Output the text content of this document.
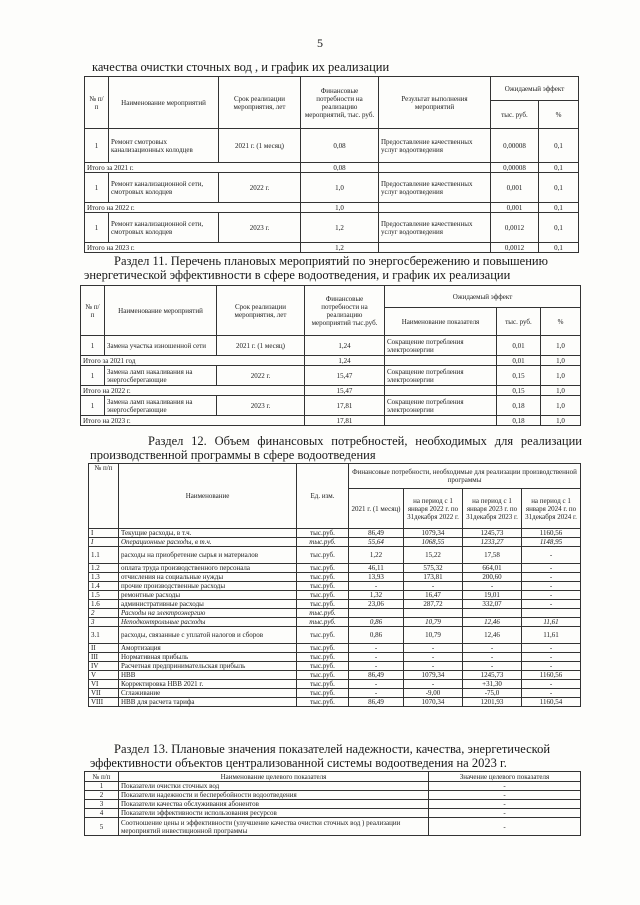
5
качества очистки сточных вод , и график их реализации
№ п/ п	Наименование мероприятий	Срок реализации мероприятия, лет	Финансовые потребности на реализацию мероприятий, тыс. руб.	Результат выполнения мероприятий	Ожидаемый эффект	
					тыс. руб.	%
1	Ремонт смотровых канализационных колодцев	2021 г. (1 месяц)	0,08	Предоставление качественных услуг водоотведения	0,00008	0,1
Итого за 2021 г.			0,08		0,00008	0,1
1	Ремонт канализационной сети, смотровых колодцев	2022 г.	1,0	Предоставление качественных услуг водоотведения	0,001	0,1
Итого на 2022 г.			1,0		0,001	0,1
1	Ремонт канализационной сети, смотровых колодцев	2023 г.	1,2	Предоставление качественных услуг водоотведения	0,0012	0,1
Итого на 2023 г.			1,2		0,0012	0,1
Раздел 11. Перечень плановых мероприятий по энергосбережению и повышению энергетической эффективности в сфере водоотведения, и график их реализации
№ п/ п	Наименование мероприятий	Срок реализации мероприятия, лет	Финансовые потребности на реализацию мероприятий тыс.руб.	Ожидаемый эффект		
				Наименование показателя	тыс. руб.	%
1	Замена участка изношенной сети	2021 г. (1 месяц)	1,24	Сокращение потребления электроэнергии	0,01	1,0
Итого за 2021 год			1,24		0,01	1,0
1	Замена ламп накаливания на энергосберегающие	2022 г.	15,47	Сокращение потребления электроэнергии	0,15	1,0
Итого на 2022 г.			15,47		0,15	1,0
1	Замена ламп накаливания на энергосберегающие	2023 г.	17,81	Сокращение потребления электроэнергии	0,18	1,0
Итого на 2023 г.			17,81		0,18	1,0
Раздел 12. Объем финансовых потребностей, необходимых для реализации производственной программы в сфере водоотведения
№ п/п	Наименование	Ед. изм.	Финансовые потребности, необходимые для реализации производственной программы			
			2021 г. (1 месяц)	на период с 1 января 2022 г. по 31декабря 2022 г.	на период с 1 января 2023 г. по 31декабря 2023 г.	на период с 1 января 2024 г. по 31декабря 2024 г.
I	Текущие расходы, в т.ч.	тыс.руб.	86,49	1079,34	1245,73	1160,56
I	Операционные расходы, в т.ч.	тыс.руб.	55,64	1068,55	1233,27	1148,95
1.1	расходы на приобретение сырья и материалов	тыс.руб.	1,22	15,22	17,58	-
1.2	оплата труда производственного персонала	тыс.руб.	46,11	575,32	664,01	-
1.3	отчисления на социальные нужды	тыс.руб.	13,93	173,81	200,60	-
1.4	прочие производственные расходы	тыс.руб.	-	-	-	-
1.5	ремонтные расходы	тыс.руб.	1,32	16,47	19,01	-
1.6	административные расходы	тыс.руб.	23,06	287,72	332,07	-
2	Расходы на электроэнергию	тыс.руб.				
3	Неподконтрольные расходы	тыс.руб.	0,86	10,79	12,46	11,61
3.1	расходы, связанные с уплатой налогов и сборов	тыс.руб.	0,86	10,79	12,46	11,61
II	Амортизация	тыс.руб.	-	-	-	-
III	Нормативная прибыль	тыс.руб.	-	-	-	-
IV	Расчетная предпринимательская прибыль	тыс.руб.	-	-	-	-
V	НВВ	тыс.руб.	86,49	1079,34	1245,73	1160,56
VI	Корректировка НВВ 2021 г.	тыс.руб.	-	-	+31,30	-
VII	Сглаживание	тыс.руб.	-	-9,00	-75,0	-
VIII	НВВ для расчета тарифа	тыс.руб.	86,49	1070,34	1201,93	1160,54
Раздел 13. Плановые значения показателей надежности, качества, энергетической эффективности объектов централизованной системы водоотведения на 2023 г.
№ п/п	Наименование целевого показателя	Значение целевого показателя
1	Показатели очистки сточных вод	-
2	Показатели надежности и бесперебойности водоотведения	-
3	Показатели качества обслуживания абонентов	-
4	Показатели эффективности использования ресурсов	-
5	Соотношение цены и эффективности (улучшение качества очистки сточных вод ) реализации мероприятий инвестиционной программы	-
